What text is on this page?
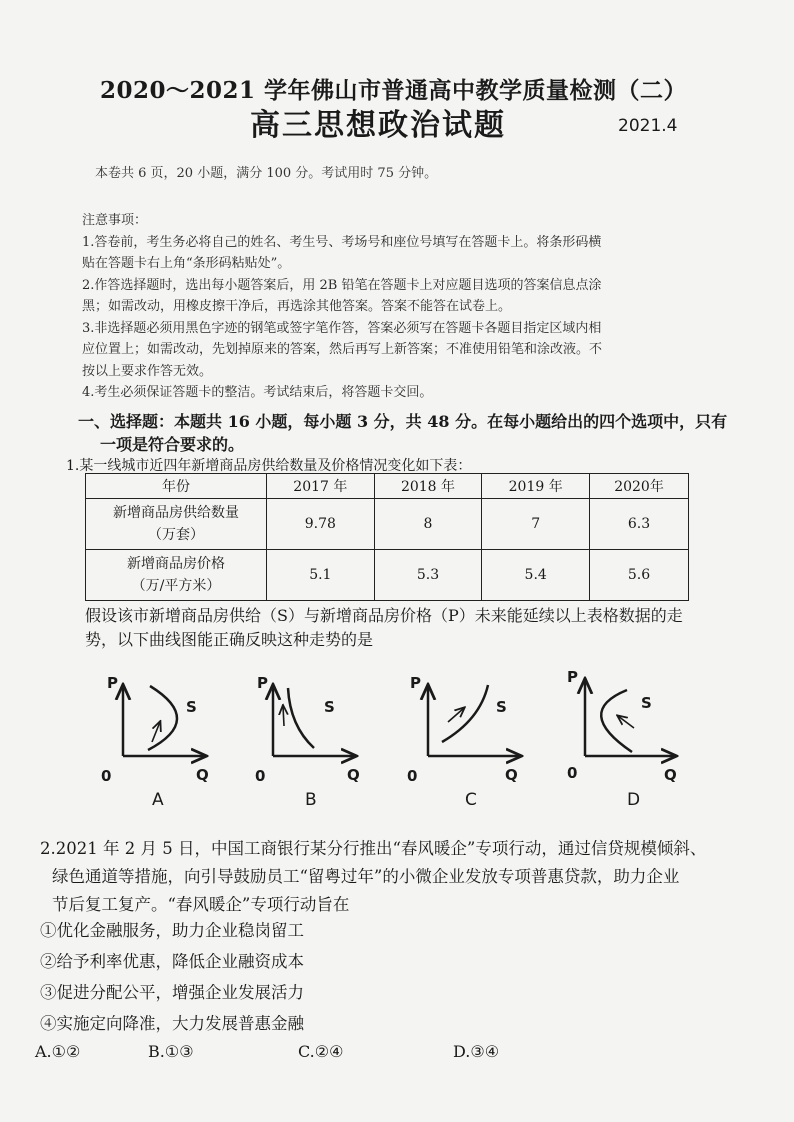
2020～2021 学年佛山市普通高中教学质量检测（二）
高三思想政治试题	2021.4
本卷共 6 页，20 小题，满分 100 分。考试用时 75 分钟。
注意事项：
1.答卷前，考生务必将自己的姓名、考生号、考场号和座位号填写在答题卡上。将条形码横
贴在答题卡右上角“条形码粘贴处”。
2.作答选择题时，选出每小题答案后，用 2B 铅笔在答题卡上对应题目选项的答案信息点涂
黑；如需改动，用橡皮擦干净后，再选涂其他答案。答案不能答在试卷上。
3.非选择题必须用黑色字迹的钢笔或签字笔作答，答案必须写在答题卡各题目指定区域内相
应位置上；如需改动，先划掉原来的答案，然后再写上新答案；不准使用铅笔和涂改液。不
按以上要求作答无效。
4.考生必须保证答题卡的整洁。考试结束后，将答题卡交回。
一、选择题：本题共 16 小题，每小题 3 分，共 48 分。在每小题给出的四个选项中，只有
一项是符合要求的。
1.某一线城市近四年新增商品房供给数量及价格情况变化如下表：
年份	2017 年	2018 年	2019 年	2020年

新增商品房供给数量
（万套）	9.78	8	7	6.3

新增商品房价格
（万/平方米）	5.1	5.3	5.4	5.6
假设该市新增商品房供给（S）与新增商品房价格（P）未来能延续以上表格数据的走
势，以下曲线图能正确反映这种走势的是
P
S
0	Q
A
P
S
0	Q
B
P
S
0	Q
C
P
S
0	Q
D
2.2021 年 2 月 5 日，中国工商银行某分行推出“春风暖企”专项行动，通过信贷规模倾斜、
绿色通道等措施，向引导鼓励员工“留粤过年”的小微企业发放专项普惠贷款，助力企业
节后复工复产。“春风暖企”专项行动旨在
①优化金融服务，助力企业稳岗留工
②给予利率优惠，降低企业融资成本
③促进分配公平，增强企业发展活力
④实施定向降准，大力发展普惠金融
A.①②	B.①③	C.②④	D.③④
